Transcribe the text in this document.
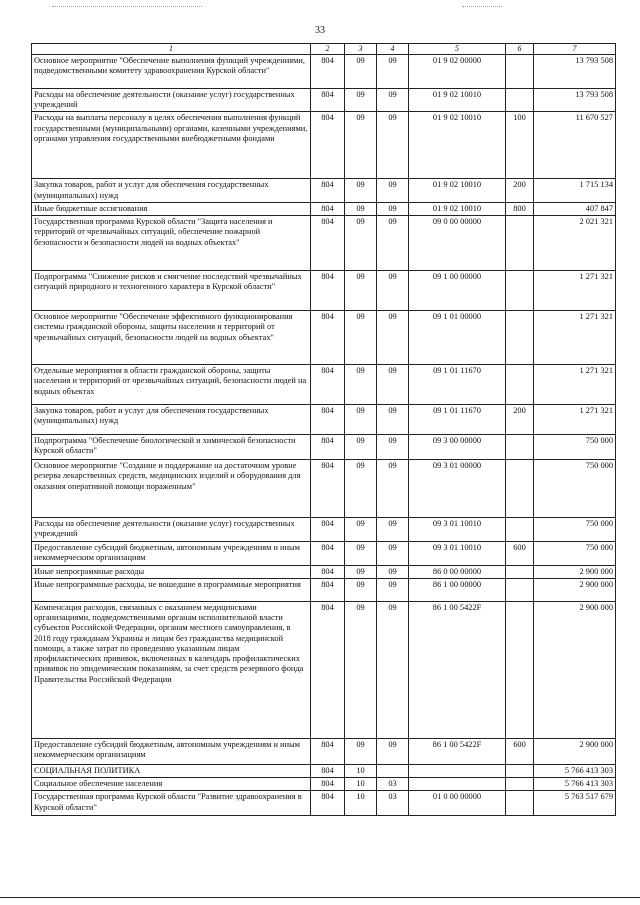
33
1	2	3	4	5	6	7
Основное мероприятие "Обеспечение выполнения функций учреждениями, подведомственными комитету здравоохранения Курской области"	804	09	09	01 9 02 00000		13 793 508
Расходы на обеспечение деятельности (оказание услуг) государственных учреждений	804	09	09	01 9 02 10010		13 793 508
Расходы на выплаты персоналу в целях обеспечения выполнения функций государственными (муниципальными) органами, казенными учреждениями, органами управления государственными внебюджетными фондами	804	09	09	01 9 02 10010	100	11 670 527
Закупка товаров, работ и услуг для обеспечения государственных (муниципальных) нужд	804	09	09	01 9 02 10010	200	1 715 134
Иные бюджетные ассигнования	804	09	09	01 9 02 10010	800	407 847
Государственная программа Курской области "Защита населения и территорий от чрезвычайных ситуаций, обеспечение пожарной безопасности и безопасности людей на водных объектах"	804	09	09	09 0 00 00000		2 021 321
Подпрограмма "Снижение рисков и смягчение последствий чрезвычайных ситуаций природного и техногенного характера в Курской области"	804	09	09	09 1 00 00000		1 271 321
Основное мероприятие "Обеспечение эффективного функционирования системы гражданской обороны, защиты населения и территорий от чрезвычайных ситуаций, безопасности людей на водных объектах"	804	09	09	09 1 01 00000		1 271 321
Отдельные мероприятия в области гражданской обороны, защиты населения и территорий от чрезвычайных ситуаций, безопасности людей на водных объектах	804	09	09	09 1 01 11670		1 271 321
Закупка товаров, работ и услуг для обеспечения государственных (муниципальных) нужд	804	09	09	09 1 01 11670	200	1 271 321
Подпрограмма "Обеспечение биологической и химической безопасности Курской области"	804	09	09	09 3 00 00000		750 000
Основное мероприятие "Создание и поддержание на достаточном уровне резерва лекарственных средств, медицинских изделий и оборудования для оказания оперативной помощи пораженным"	804	09	09	09 3 01 00000		750 000
Расходы на обеспечение деятельности (оказание услуг) государственных учреждений	804	09	09	09 3 01 10010		750 000
Предоставление субсидий бюджетным, автономным учреждениям и иным некоммерческим организациям	804	09	09	09 3 01 10010	600	750 000
Иные непрограммные расходы	804	09	09	86 0 00 00000		2 900 000
Иные непрограммные расходы, не вошедшие в программные мероприятия	804	09	09	86 1 00 00000		2 900 000
Компенсация расходов, связанных с оказанием медицинскими организациями, подведомственными органам исполнительной власти субъектов Российской Федерации, органам местного самоуправления, в 2018 году гражданам Украины и лицам без гражданства медицинской помощи, а также затрат по проведению указанным лицам профилактических прививок, включенных в календарь профилактических прививок по эпидемическим показаниям, за счет средств резервного фонда Правительства Российской Федерации	804	09	09	86 1 00 5422F		2 900 000
Предоставление субсидий бюджетным, автономным учреждениям и иным некоммерческим организациям	804	09	09	86 1 00 5422F	600	2 900 000
СОЦИАЛЬНАЯ ПОЛИТИКА	804	10				5 766 413 303
Социальное обеспечение населения	804	10	03			5 766 413 303
Государственная программа Курской области "Развитие здравоохранения в Курской области"	804	10	03	01 0 00 00000		5 763 517 679
